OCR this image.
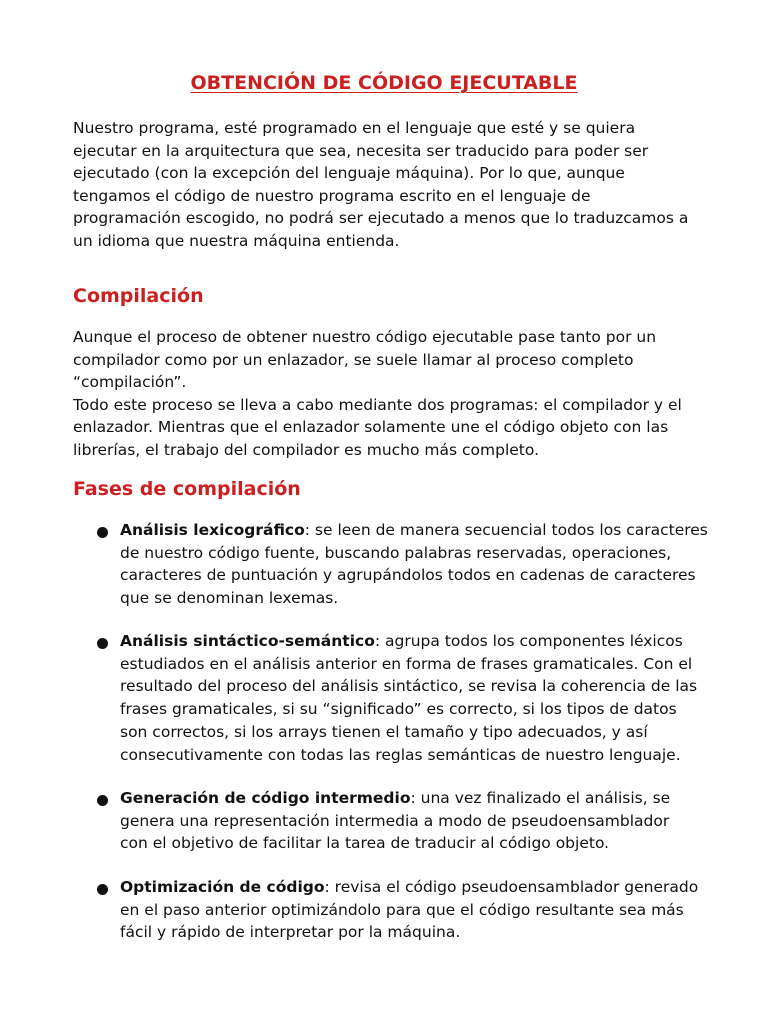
OBTENCIÓN DE CÓDIGO EJECUTABLE

Nuestro programa, esté programado en el lenguaje que esté y se quiera
ejecutar en la arquitectura que sea, necesita ser traducido para poder ser
ejecutado (con la excepción del lenguaje máquina). Por lo que, aunque
tengamos el código de nuestro programa escrito en el lenguaje de
programación escogido, no podrá ser ejecutado a menos que lo traduzcamos a
un idioma que nuestra máquina entienda.

Compilación

Aunque el proceso de obtener nuestro código ejecutable pase tanto por un
compilador como por un enlazador, se suele llamar al proceso completo
“compilación”.
Todo este proceso se lleva a cabo mediante dos programas: el compilador y el
enlazador. Mientras que el enlazador solamente une el código objeto con las
librerías, el trabajo del compilador es mucho más completo.

Fases de compilación
Análisis lexicográfico: se leen de manera secuencial todos los caracteres
de nuestro código fuente, buscando palabras reservadas, operaciones,
caracteres de puntuación y agrupándolos todos en cadenas de caracteres
que se denominan lexemas.
Análisis sintáctico-semántico: agrupa todos los componentes léxicos
estudiados en el análisis anterior en forma de frases gramaticales. Con el
resultado del proceso del análisis sintáctico, se revisa la coherencia de las
frases gramaticales, si su “significado” es correcto, si los tipos de datos
son correctos, si los arrays tienen el tamaño y tipo adecuados, y así
consecutivamente con todas las reglas semánticas de nuestro lenguaje.
Generación de código intermedio: una vez finalizado el análisis, se
genera una representación intermedia a modo de pseudoensamblador
con el objetivo de facilitar la tarea de traducir al código objeto.
Optimización de código: revisa el código pseudoensamblador generado
en el paso anterior optimizándolo para que el código resultante sea más
fácil y rápido de interpretar por la máquina.
